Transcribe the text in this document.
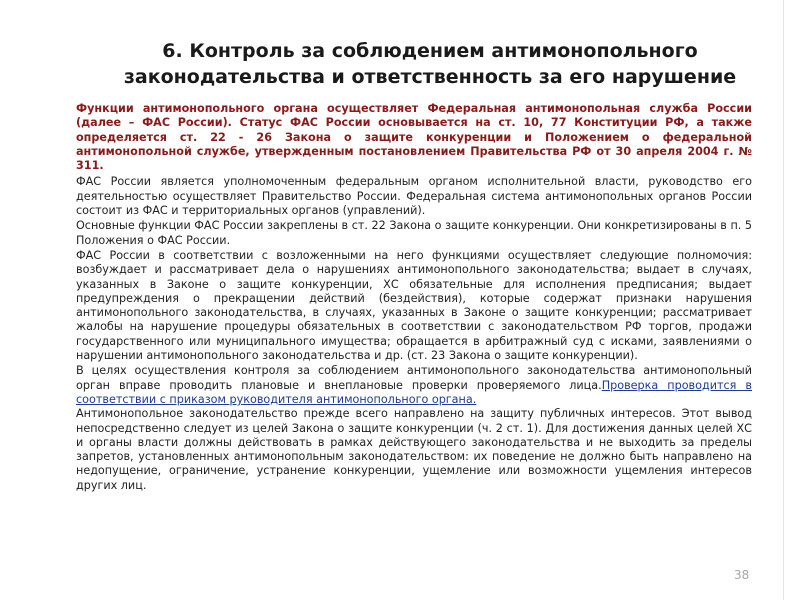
6. Контроль за соблюдением антимонопольного
законодательства и ответственность за его нарушение

Функции антимонопольного органа осуществляет Федеральная антимонопольная служба России (далее – ФАС России). Статус ФАС России основывается на ст. 10, 77 Конституции РФ, а также определяется ст. 22 - 26 Закона о защите конкуренции и Положением о федеральной антимонопольной службе, утвержденным постановлением Правительства РФ от 30 апреля 2004 г. № 311.

ФАС России является уполномоченным федеральным органом исполнительной власти, руководство его деятельностью осуществляет Правительство России. Федеральная система антимонопольных органов России состоит из ФАС и территориальных органов (управлений).

Основные функции ФАС России закреплены в ст. 22 Закона о защите конкуренции. Они конкретизированы в п. 5 Положения о ФАС России.

ФАС России в соответствии с возложенными на него функциями осуществляет следующие полномочия: возбуждает и рассматривает дела о нарушениях антимонопольного законодательства; выдает в случаях, указанных в Законе о защите конкуренции, ХС обязательные для исполнения предписания; выдает предупреждения о прекращении действий (бездействия), которые содержат признаки нарушения антимонопольного законодательства, в случаях, указанных в Законе о защите конкуренции; рассматривает жалобы на нарушение процедуры обязательных в соответствии с законодательством РФ торгов, продажи государственного или муниципального имущества; обращается в арбитражный суд с исками, заявлениями о нарушении антимонопольного законодательства и др. (ст. 23 Закона о защите конкуренции).

В целях осуществления контроля за соблюдением антимонопольного законодательства антимонопольный орган вправе проводить плановые и внеплановые проверки проверяемого лица.Проверка проводится в соответствии с приказом руководителя антимонопольного органа.

Антимонопольное законодательство прежде всего направлено на защиту публичных интересов. Этот вывод непосредственно следует из целей Закона о защите конкуренции (ч. 2 ст. 1). Для достижения данных целей ХС и органы власти должны действовать в рамках действующего законодательства и не выходить за пределы запретов, установленных антимонопольным законодательством: их поведение не должно быть направлено на недопущение, ограничение, устранение конкуренции, ущемление или возможности ущемления интересов других лиц.

38
